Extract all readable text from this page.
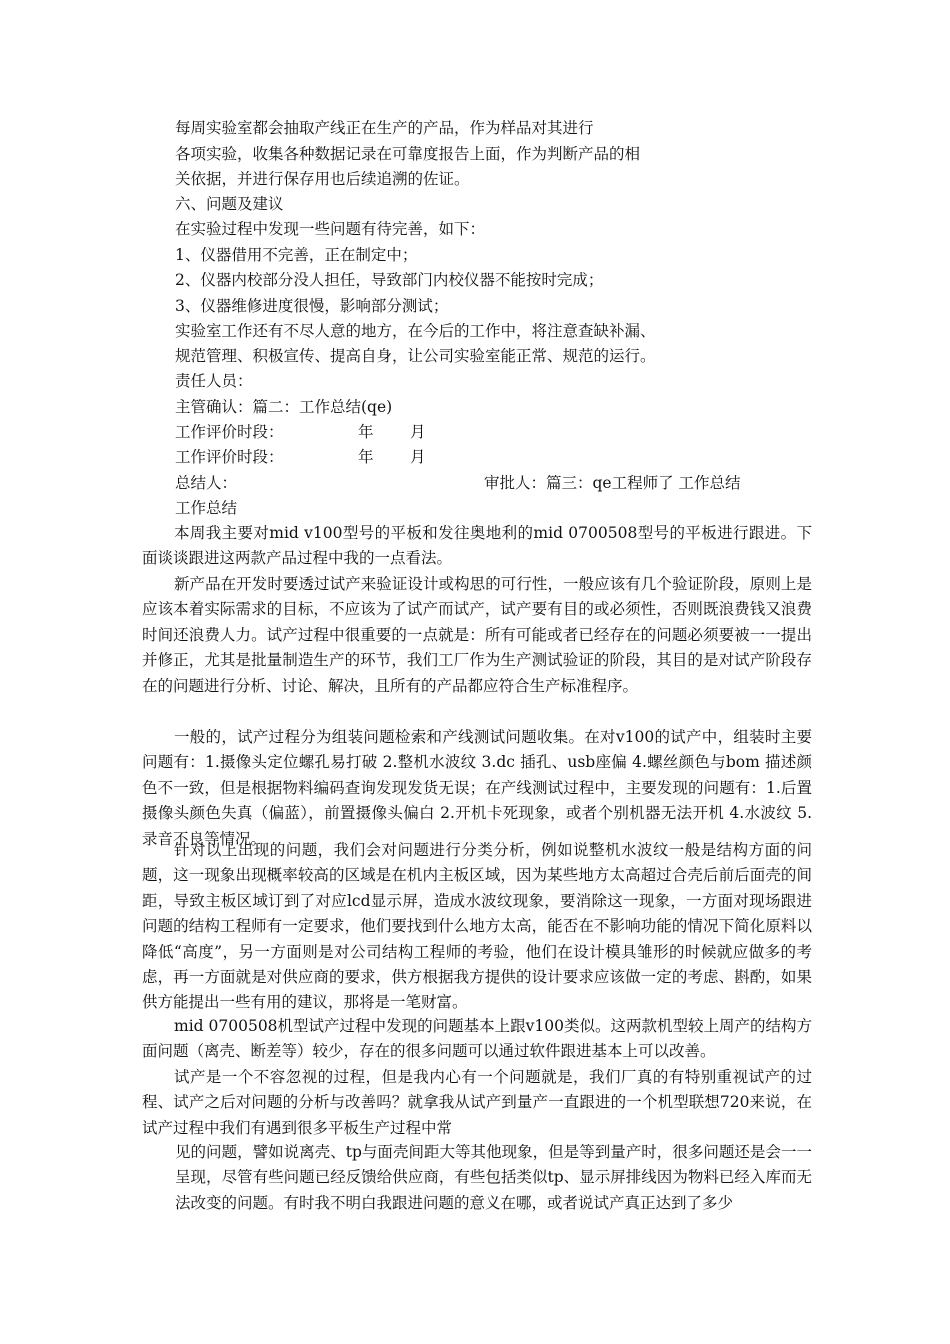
每周实验室都会抽取产线正在生产的产品，作为样品对其进行
各项实验，收集各种数据记录在可靠度报告上面，作为判断产品的相
关依据，并进行保存用也后续追溯的佐证。
六、问题及建议
在实验过程中发现一些问题有待完善，如下：
1、仪器借用不完善，正在制定中；
2、仪器内校部分没人担任，导致部门内校仪器不能按时完成；
3、仪器维修进度很慢，影响部分测试；
实验室工作还有不尽人意的地方，在今后的工作中，将注意查缺补漏、
规范管理、积极宣传、提高自身，让公司实验室能正常、规范的运行。
责任人员：
主管确认：篇二：工作总结(qe)
工作评价时段：	年 月
工作评价时段：	年 月
总结人：	审批人：篇三：qe工程师了 工作总结
工作总结
本周我主要对mid v100型号的平板和发往奥地利的mid 0700508型号的平板进行跟进。下面谈谈跟进这两款产品过程中我的一点看法。
新产品在开发时要透过试产来验证设计或构思的可行性，一般应该有几个验证阶段，原则上是应该本着实际需求的目标，不应该为了试产而试产，试产要有目的或必须性，否则既浪费钱又浪费时间还浪费人力。试产过程中很重要的一点就是：所有可能或者已经存在的问题必须要被一一提出并修正，尤其是批量制造生产的环节，我们工厂作为生产测试验证的阶段，其目的是对试产阶段存在的问题进行分析、讨论、解决，且所有的产品都应符合生产标准程序。
一般的，试产过程分为组装问题检索和产线测试问题收集。在对v100的试产中，组装时主要问题有：1.摄像头定位螺孔易打破 2.整机水波纹 3.dc 插孔、usb座偏 4.螺丝颜色与bom 描述颜色不一致，但是根据物料编码查询发现发货无误；在产线测试过程中，主要发现的问题有：1.后置摄像头颜色失真（偏蓝），前置摄像头偏白 2.开机卡死现象，或者个别机器无法开机 4.水波纹 5.录音不良等情况。
针对以上出现的问题，我们会对问题进行分类分析，例如说整机水波纹一般是结构方面的问题，这一现象出现概率较高的区域是在机内主板区域，因为某些地方太高超过合壳后前后面壳的间距，导致主板区域订到了对应lcd显示屏，造成水波纹现象，要消除这一现象，一方面对现场跟进问题的结构工程师有一定要求，他们要找到什么地方太高，能否在不影响功能的情况下简化原料以降低“高度”，另一方面则是对公司结构工程师的考验，他们在设计模具雏形的时候就应做多的考虑，再一方面就是对供应商的要求，供方根据我方提供的设计要求应该做一定的考虑、斟酌，如果供方能提出一些有用的建议，那将是一笔财富。
mid 0700508机型试产过程中发现的问题基本上跟v100类似。这两款机型较上周产的结构方面问题（离壳、断差等）较少，存在的很多问题可以通过软件跟进基本上可以改善。
试产是一个不容忽视的过程，但是我内心有一个问题就是，我们厂真的有特别重视试产的过程、试产之后对问题的分析与改善吗？就拿我从试产到量产一直跟进的一个机型联想720来说，在试产过程中我们有遇到很多平板生产过程中常
见的问题，譬如说离壳、tp与面壳间距大等其他现象，但是等到量产时，很多问题还是会一一呈现，尽管有些问题已经反馈给供应商，有些包括类似tp、显示屏排线因为物料已经入库而无法改变的问题。有时我不明白我跟进问题的意义在哪，或者说试产真正达到了多少
